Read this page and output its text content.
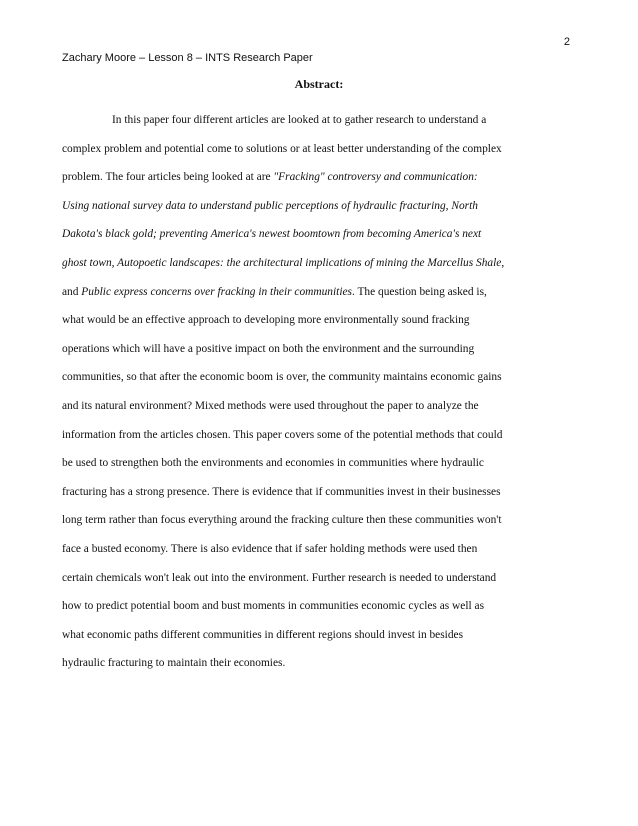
2
Zachary Moore – Lesson 8 – INTS Research Paper
Abstract:
In this paper four different articles are looked at to gather research to understand a
complex problem and potential come to solutions or at least better understanding of the complex
problem. The four articles being looked at are "Fracking" controversy and communication:
Using national survey data to understand public perceptions of hydraulic fracturing, North
Dakota's black gold; preventing America's newest boomtown from becoming America's next
ghost town, Autopoetic landscapes: the architectural implications of mining the Marcellus Shale,
and Public express concerns over fracking in their communities. The question being asked is,
what would be an effective approach to developing more environmentally sound fracking
operations which will have a positive impact on both the environment and the surrounding
communities, so that after the economic boom is over, the community maintains economic gains
and its natural environment? Mixed methods were used throughout the paper to analyze the
information from the articles chosen. This paper covers some of the potential methods that could
be used to strengthen both the environments and economies in communities where hydraulic
fracturing has a strong presence. There is evidence that if communities invest in their businesses
long term rather than focus everything around the fracking culture then these communities won't
face a busted economy. There is also evidence that if safer holding methods were used then
certain chemicals won't leak out into the environment. Further research is needed to understand
how to predict potential boom and bust moments in communities economic cycles as well as
what economic paths different communities in different regions should invest in besides
hydraulic fracturing to maintain their economies.
